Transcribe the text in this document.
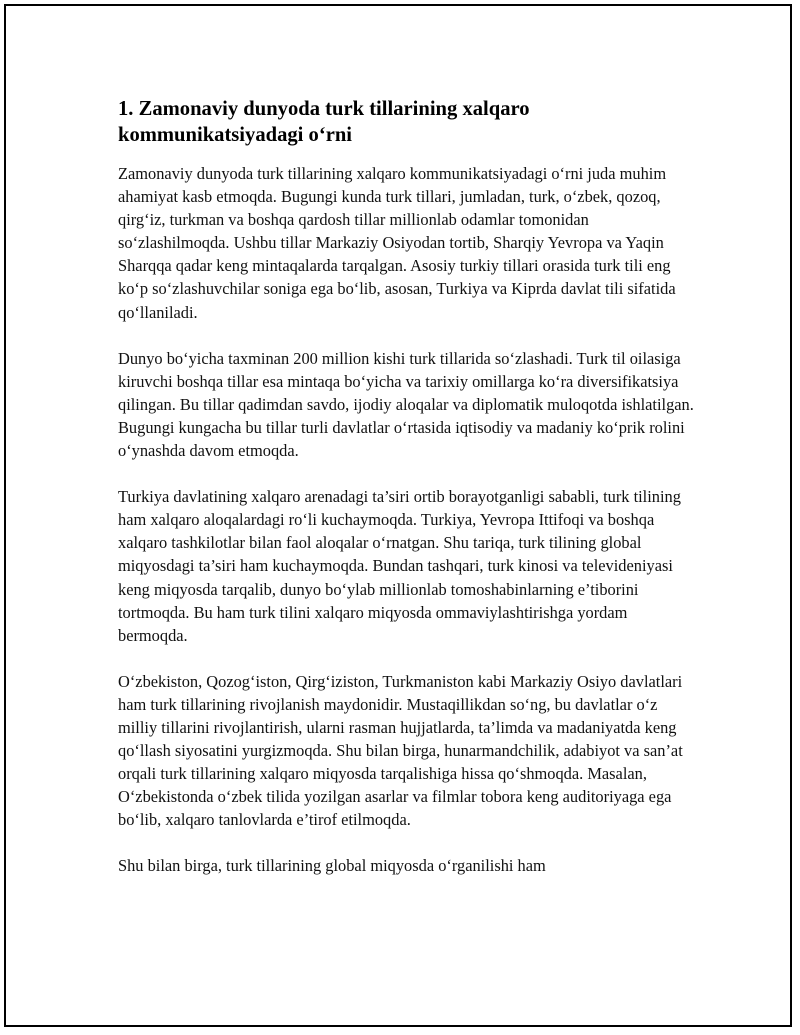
1. Zamonaviy dunyoda turk tillarining xalqaro
kommunikatsiyadagi o‘rni

Zamonaviy dunyoda turk tillarining xalqaro kommunikatsiyadagi o‘rni juda muhim ahamiyat kasb etmoqda. Bugungi kunda turk tillari, jumladan, turk, o‘zbek, qozoq, qirg‘iz, turkman va boshqa qardosh tillar millionlab odamlar tomonidan so‘zlashilmoqda. Ushbu tillar Markaziy Osiyodan tortib, Sharqiy Yevropa va Yaqin Sharqqa qadar keng mintaqalarda tarqalgan. Asosiy turkiy tillari orasida turk tili eng ko‘p so‘zlashuvchilar soniga ega bo‘lib, asosan, Turkiya va Kiprda davlat tili sifatida qo‘llaniladi.

Dunyo bo‘yicha taxminan 200 million kishi turk tillarida so‘zlashadi. Turk til oilasiga kiruvchi boshqa tillar esa mintaqa bo‘yicha va tarixiy omillarga ko‘ra diversifikatsiya qilingan. Bu tillar qadimdan savdo, ijodiy aloqalar va diplomatik muloqotda ishlatilgan. Bugungi kungacha bu tillar turli davlatlar o‘rtasida iqtisodiy va madaniy ko‘prik rolini o‘ynashda davom etmoqda.

Turkiya davlatining xalqaro arenadagi ta’siri ortib borayotganligi sababli, turk tilining ham xalqaro aloqalardagi ro‘li kuchaymoqda. Turkiya, Yevropa Ittifoqi va boshqa xalqaro tashkilotlar bilan faol aloqalar o‘rnatgan. Shu tariqa, turk tilining global miqyosdagi ta’siri ham kuchaymoqda. Bundan tashqari, turk kinosi va televideniyasi keng miqyosda tarqalib, dunyo bo‘ylab millionlab tomoshabinlarning e’tiborini tortmoqda. Bu ham turk tilini xalqaro miqyosda ommaviylashtirishga yordam bermoqda.

O‘zbekiston, Qozog‘iston, Qirg‘iziston, Turkmaniston kabi Markaziy Osiyo davlatlari ham turk tillarining rivojlanish maydonidir. Mustaqillikdan so‘ng, bu davlatlar o‘z milliy tillarini rivojlantirish, ularni rasman hujjatlarda, ta’limda va madaniyatda keng qo‘llash siyosatini yurgizmoqda. Shu bilan birga, hunarmandchilik, adabiyot va san’at orqali turk tillarining xalqaro miqyosda tarqalishiga hissa qo‘shmoqda. Masalan, O‘zbekistonda o‘zbek tilida yozilgan asarlar va filmlar tobora keng auditoriyaga ega bo‘lib, xalqaro tanlovlarda e’tirof etilmoqda.

Shu bilan birga, turk tillarining global miqyosda o‘rganilishi ham
